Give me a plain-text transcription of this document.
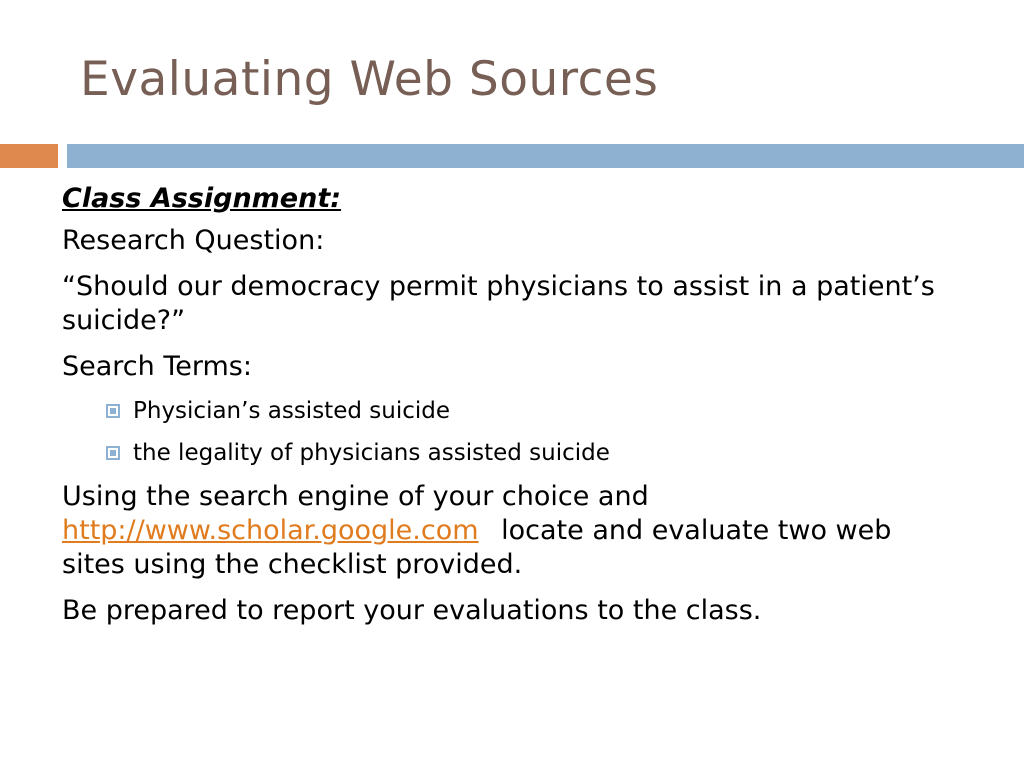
Evaluating Web Sources
Class Assignment:
Research Question:
“Should our democracy permit physicians to assist in a patient’s suicide?”
Search Terms:
Physician’s assisted suicide
the legality of physicians assisted suicide
Using the search engine of your choice and
http://www.scholar.google.com locate and evaluate two web sites using the checklist provided.
Be prepared to report your evaluations to the class.
